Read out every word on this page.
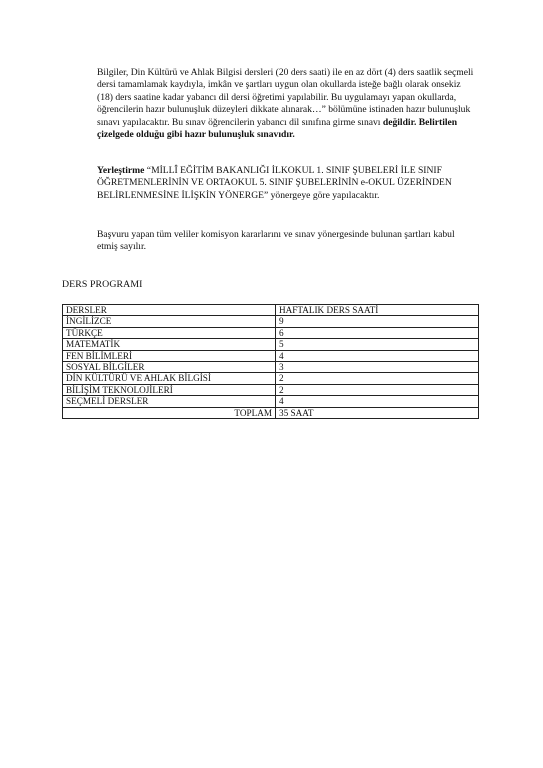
Bilgiler, Din Kültürü ve Ahlak Bilgisi dersleri (20 ders saati) ile en az dört (4) ders saatlik seçmeli dersi tamamlamak kaydıyla, imkân ve şartları uygun olan okullarda isteğe bağlı olarak onsekiz (18) ders saatine kadar yabancı dil dersi öğretimi yapılabilir. Bu uygulamayı yapan okullarda, öğrencilerin hazır bulunuşluk düzeyleri dikkate alınarak…” bölümüne istinaden hazır bulunuşluk sınavı yapılacaktır. Bu sınav öğrencilerin yabancı dil sınıfına girme sınavı değildir. Belirtilen çizelgede olduğu gibi hazır bulunuşluk sınavıdır.

Yerleştirme “MİLLÎ EĞİTİM BAKANLIĞI İLKOKUL 1. SINIF ŞUBELERİ İLE SINIF ÖĞRETMENLERİNİN VE ORTAOKUL 5. SINIF ŞUBELERİNİN e-OKUL ÜZERİNDEN BELİRLENMESİNE İLİŞKİN YÖNERGE” yönergeye göre yapılacaktır.

Başvuru yapan tüm veliler komisyon kararlarını ve sınav yönergesinde bulunan şartları kabul etmiş sayılır.

DERS PROGRAMI
DERSLER	HAFTALIK DERS SAATİ
İNGİLİZCE	9
TÜRKÇE	6
MATEMATİK	5
FEN BİLİMLERİ	4
SOSYAL BİLGİLER	3
DİN KÜLTÜRÜ VE AHLAK BİLGİSİ	2
BİLİŞİM TEKNOLOJİLERİ	2
SEÇMELİ DERSLER	4
TOPLAM	35 SAAT
